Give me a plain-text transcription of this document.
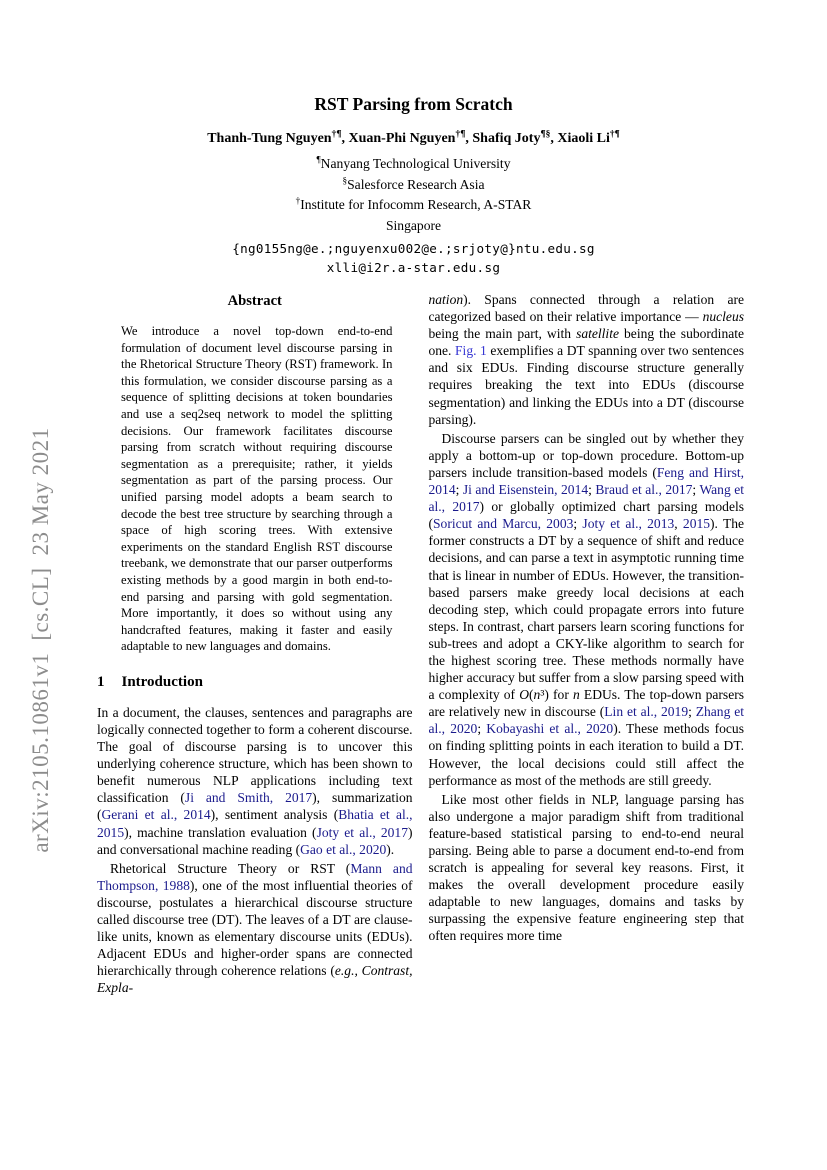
arXiv:2105.10861v1 [cs.CL] 23 May 2021
RST Parsing from Scratch
Thanh-Tung Nguyen†¶, Xuan-Phi Nguyen†¶, Shafiq Joty¶§, Xiaoli Li†¶
¶Nanyang Technological University
§Salesforce Research Asia
†Institute for Infocomm Research, A-STAR
Singapore
{ng0155ng@e.;nguyenxu002@e.;srjoty@}ntu.edu.sg
xlli@i2r.a-star.edu.sg
Abstract

We introduce a novel top-down end-to-end formulation of document level discourse parsing in the Rhetorical Structure Theory (RST) framework. In this formulation, we consider discourse parsing as a sequence of splitting decisions at token boundaries and use a seq2seq network to model the splitting decisions. Our framework facilitates discourse parsing from scratch without requiring discourse segmentation as a prerequisite; rather, it yields segmentation as part of the parsing process. Our unified parsing model adopts a beam search to decode the best tree structure by searching through a space of high scoring trees. With extensive experiments on the standard English RST discourse treebank, we demonstrate that our parser outperforms existing methods by a good margin in both end-to-end parsing and parsing with gold segmentation. More importantly, it does so without using any handcrafted features, making it faster and easily adaptable to new languages and domains.

1 Introduction

In a document, the clauses, sentences and paragraphs are logically connected together to form a coherent discourse. The goal of discourse parsing is to uncover this underlying coherence structure, which has been shown to benefit numerous NLP applications including text classification (Ji and Smith, 2017), summarization (Gerani et al., 2014), sentiment analysis (Bhatia et al., 2015), machine translation evaluation (Joty et al., 2017) and conversational machine reading (Gao et al., 2020).

Rhetorical Structure Theory or RST (Mann and Thompson, 1988), one of the most influential theories of discourse, postulates a hierarchical discourse structure called discourse tree (DT). The leaves of a DT are clause-like units, known as elementary discourse units (EDUs). Adjacent EDUs and higher-order spans are connected hierarchically through coherence relations (e.g., Contrast, Expla-

nation). Spans connected through a relation are categorized based on their relative importance — nucleus being the main part, with satellite being the subordinate one. Fig. 1 exemplifies a DT spanning over two sentences and six EDUs. Finding discourse structure generally requires breaking the text into EDUs (discourse segmentation) and linking the EDUs into a DT (discourse parsing).

Discourse parsers can be singled out by whether they apply a bottom-up or top-down procedure. Bottom-up parsers include transition-based models (Feng and Hirst, 2014; Ji and Eisenstein, 2014; Braud et al., 2017; Wang et al., 2017) or globally optimized chart parsing models (Soricut and Marcu, 2003; Joty et al., 2013, 2015). The former constructs a DT by a sequence of shift and reduce decisions, and can parse a text in asymptotic running time that is linear in number of EDUs. However, the transition-based parsers make greedy local decisions at each decoding step, which could propagate errors into future steps. In contrast, chart parsers learn scoring functions for sub-trees and adopt a CKY-like algorithm to search for the highest scoring tree. These methods normally have higher accuracy but suffer from a slow parsing speed with a complexity of O(n³) for n EDUs. The top-down parsers are relatively new in discourse (Lin et al., 2019; Zhang et al., 2020; Kobayashi et al., 2020). These methods focus on finding splitting points in each iteration to build a DT. However, the local decisions could still affect the performance as most of the methods are still greedy.

Like most other fields in NLP, language parsing has also undergone a major paradigm shift from traditional feature-based statistical parsing to end-to-end neural parsing. Being able to parse a document end-to-end from scratch is appealing for several key reasons. First, it makes the overall development procedure easily adaptable to new languages, domains and tasks by surpassing the expensive feature engineering step that often requires more time
